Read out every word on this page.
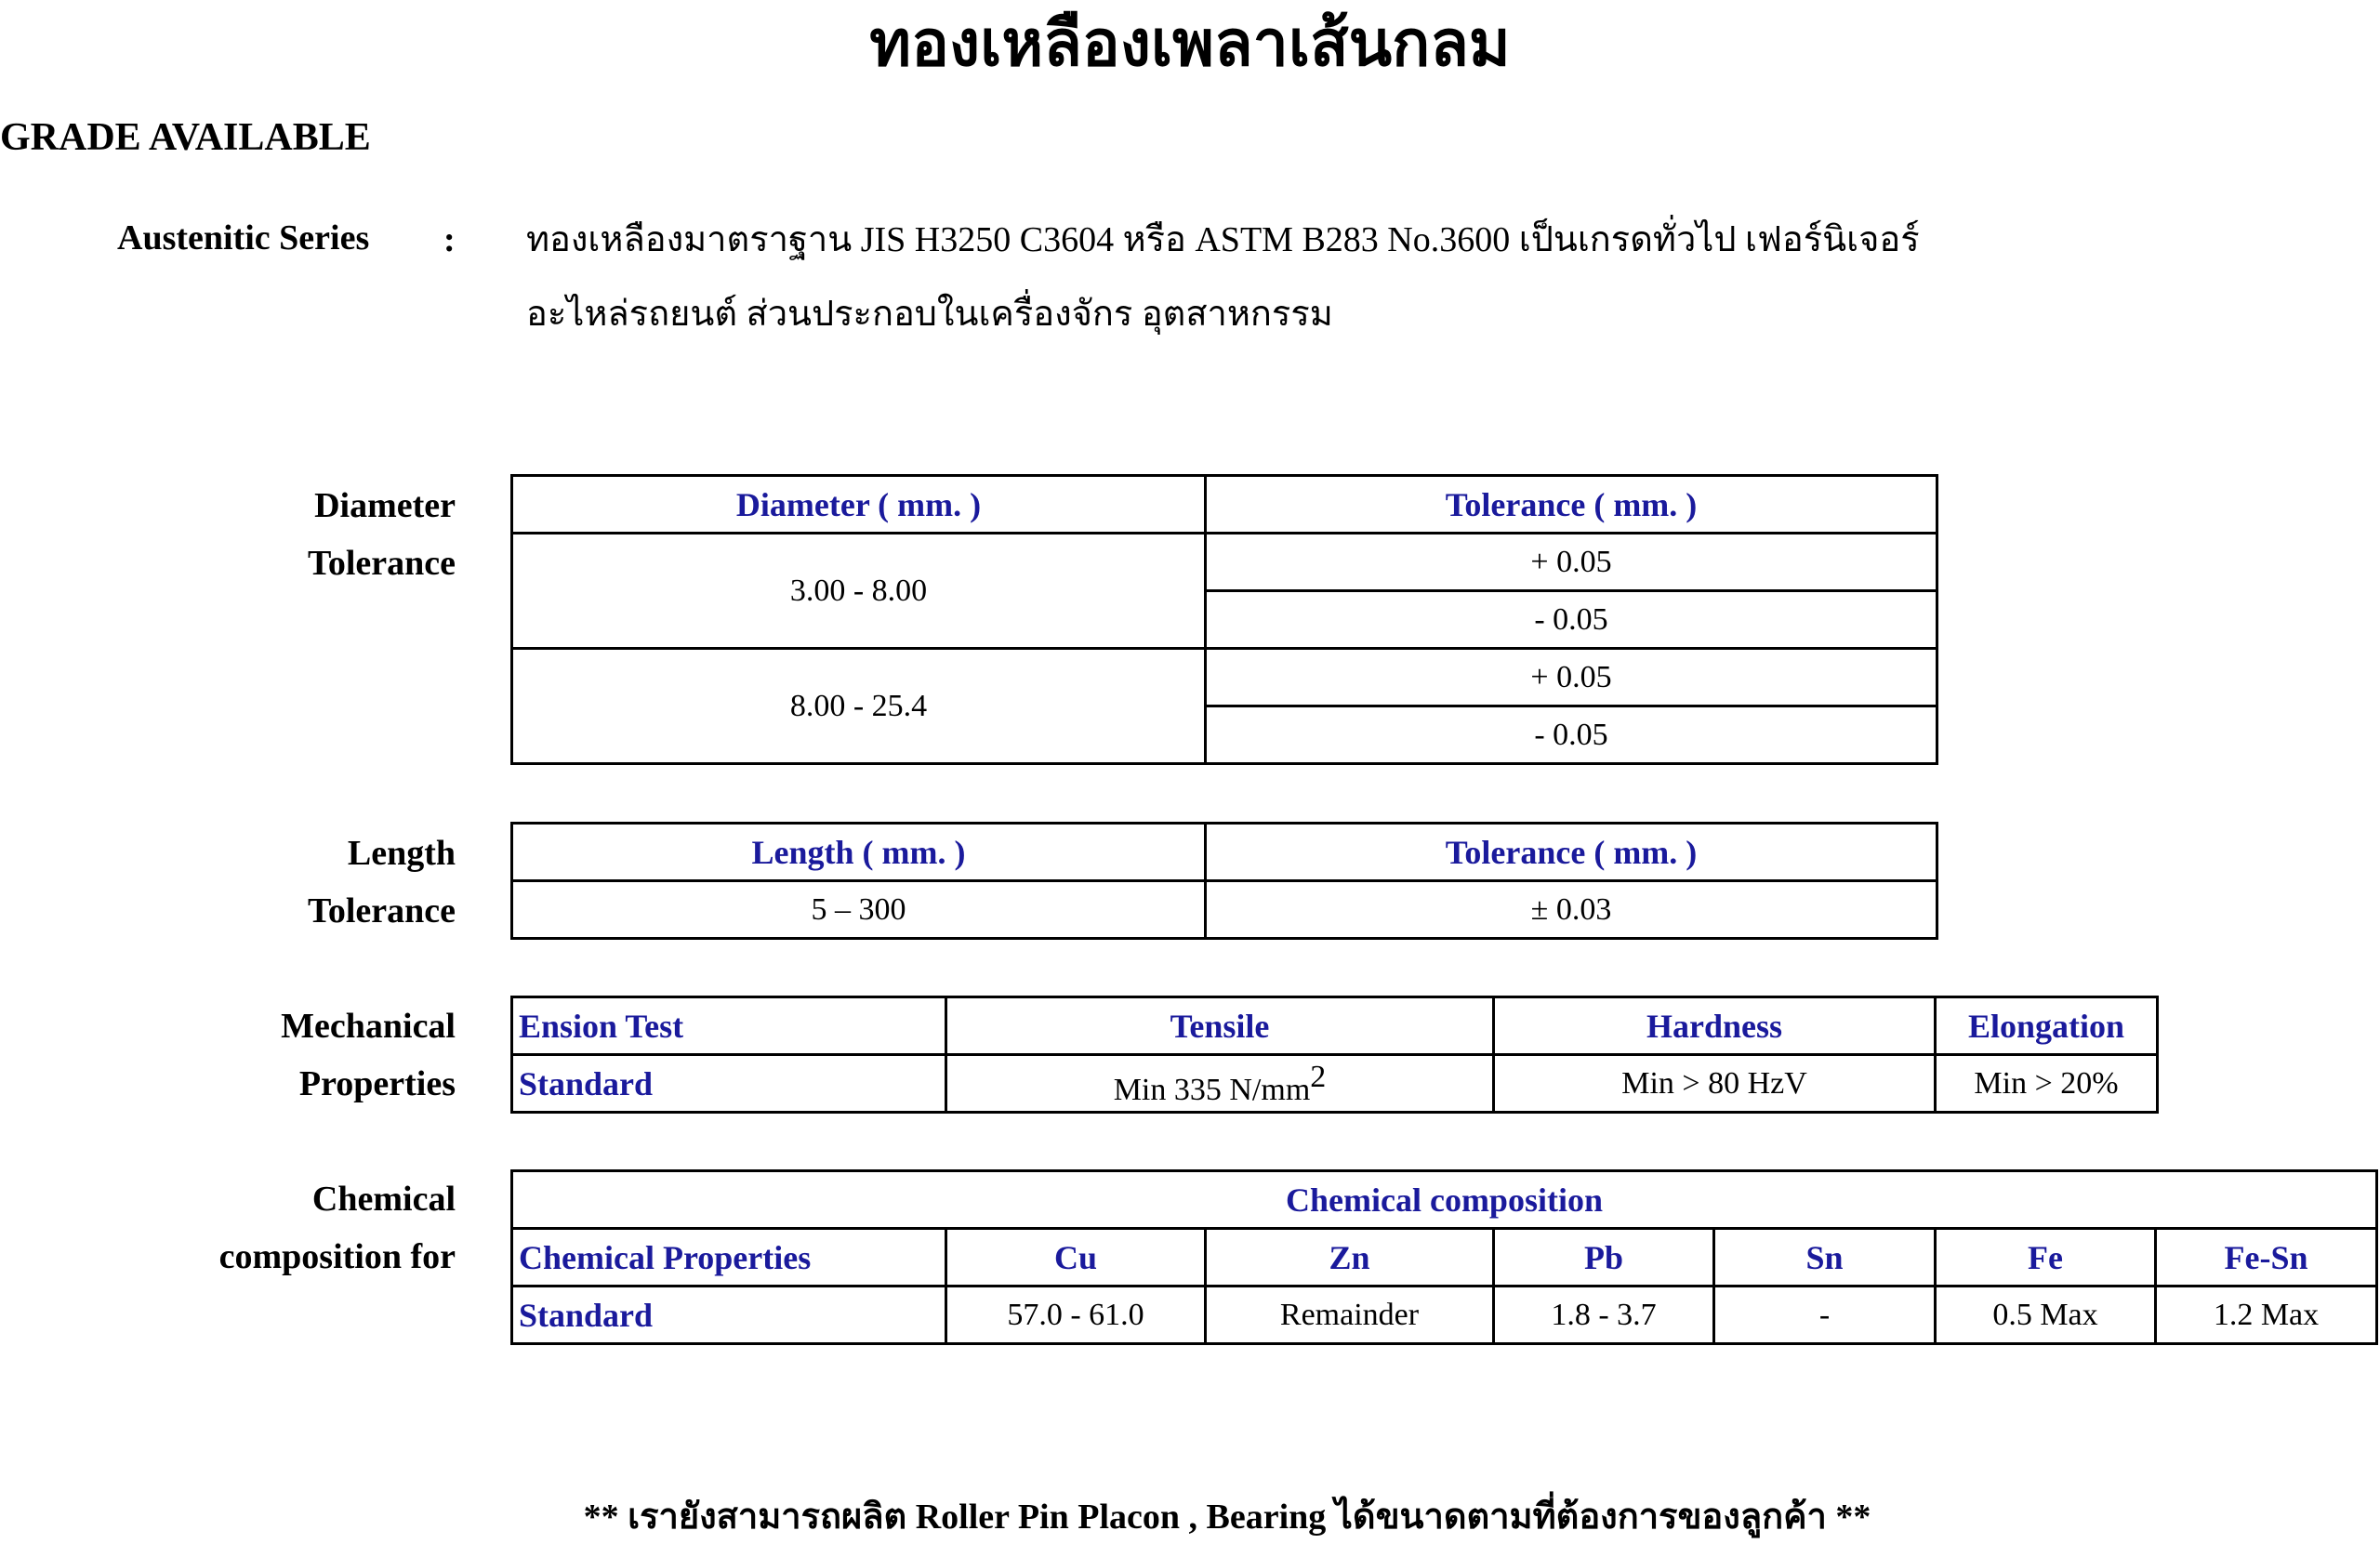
ทองเหลืองเพลาเส้นกลม
GRADE AVAILABLE
Austenitic Series : ทองเหลืองมาตราฐาน JIS H3250 C3604 หรือ ASTM B283 No.3600 เป็นเกรดทั่วไป เฟอร์นิเจอร์
อะไหล่รถยนต์ ส่วนประกอบในเครื่องจักร อุตสาหกรรม
Diameter
Tolerance
Diameter ( mm. )	Tolerance ( mm. )
3.00 - 8.00	+ 0.05
	- 0.05
8.00 - 25.4	+ 0.05
	- 0.05
Length
Tolerance
Length ( mm. )	Tolerance ( mm. )
5 – 300	± 0.03
Mechanical
Properties
Ension Test	Tensile	Hardness	Elongation
Standard	Min 335 $N/mm^2$	Min > 80 HzV	Min > 20%
Chemical
composition for
Chemical composition						
Chemical Properties	Cu	Zn	Pb	Sn	Fe	Fe-Sn
Standard	57.0 - 61.0	Remainder	1.8 - 3.7	-	0.5 Max	1.2 Max
** เรายังสามารถผลิต Roller Pin Placon , Bearing ได้ขนาดตามที่ต้องการของลูกค้า **
